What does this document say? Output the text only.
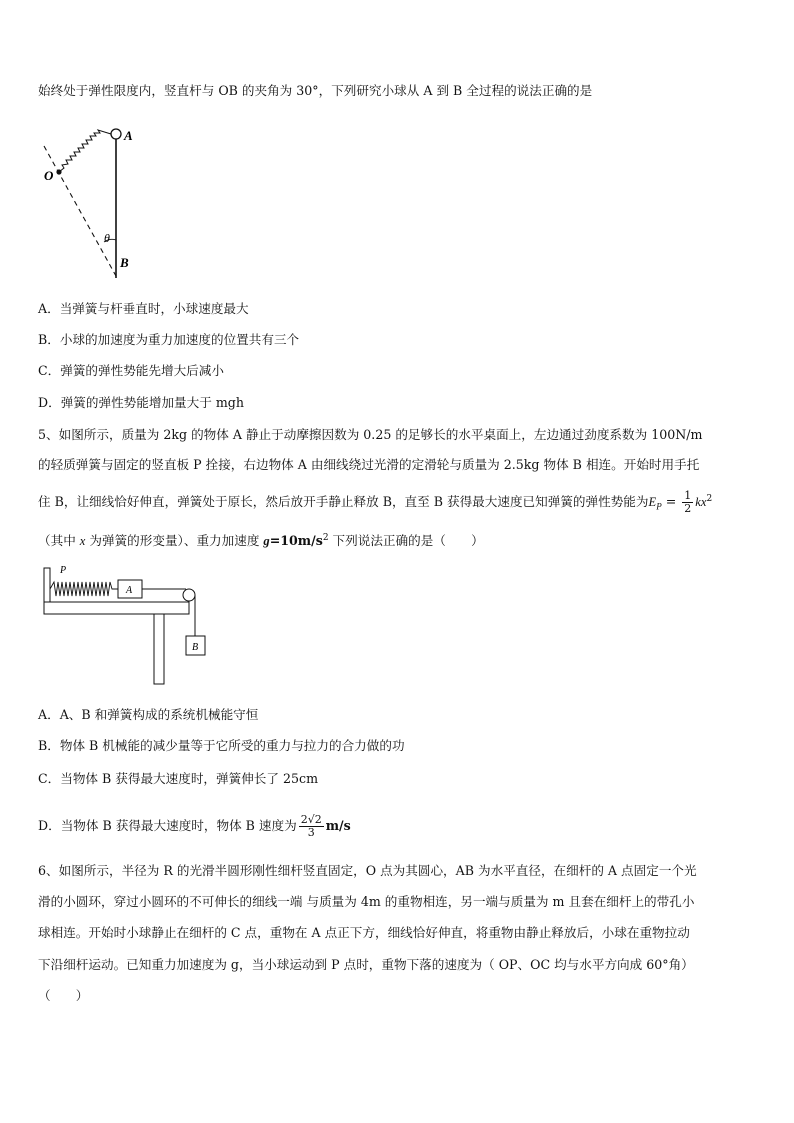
始终处于弹性限度内，竖直杆与 OB 的夹角为 30°，下列研究小球从 A 到 B 全过程的说法正确的是
A
O
θ
B
A．当弹簧与杆垂直时，小球速度最大
B．小球的加速度为重力加速度的位置共有三个
C．弹簧的弹性势能先增大后减小
D．弹簧的弹性势能增加量大于 mgh
5、如图所示，质量为 2kg 的物体 A 静止于动摩擦因数为 0.25 的足够长的水平桌面上，左边通过劲度系数为 100N/m
的轻质弹簧与固定的竖直板 P 拴接，右边物体 A 由细线绕过光滑的定滑轮与质量为 2.5kg 物体 B 相连。开始时用手托
住 B，让细线恰好伸直，弹簧处于原长，然后放开手静止释放 B，直至 B 获得最大速度已知弹簧的弹性势能为$E_P = \frac{1}{2} kx^2$
（其中 x 为弹簧的形变量）、重力加速度 $g=10m/s^2$ 下列说法正确的是（　　）
P
A
B
A．A、B 和弹簧构成的系统机械能守恒
B．物体 B 机械能的减少量等于它所受的重力与拉力的合力做的功
C．当物体 B 获得最大速度时，弹簧伸长了 25cm
D．当物体 B 获得最大速度时，物体 B 速度为 $\frac{2√2}{3} m/s$
6、如图所示，半径为 R 的光滑半圆形刚性细杆竖直固定，O 点为其圆心，AB 为水平直径，在细杆的 A 点固定一个光
滑的小圆环，穿过小圆环的不可伸长的细线一端 与质量为 4m 的重物相连，另一端与质量为 m 且套在细杆上的带孔小
球相连。开始时小球静止在细杆的 C 点，重物在 A 点正下方，细线恰好伸直，将重物由静止释放后，小球在重物拉动
下沿细杆运动。已知重力加速度为 g，当小球运动到 P 点时，重物下落的速度为（ OP、OC 均与水平方向成 60°角）
（　　）
